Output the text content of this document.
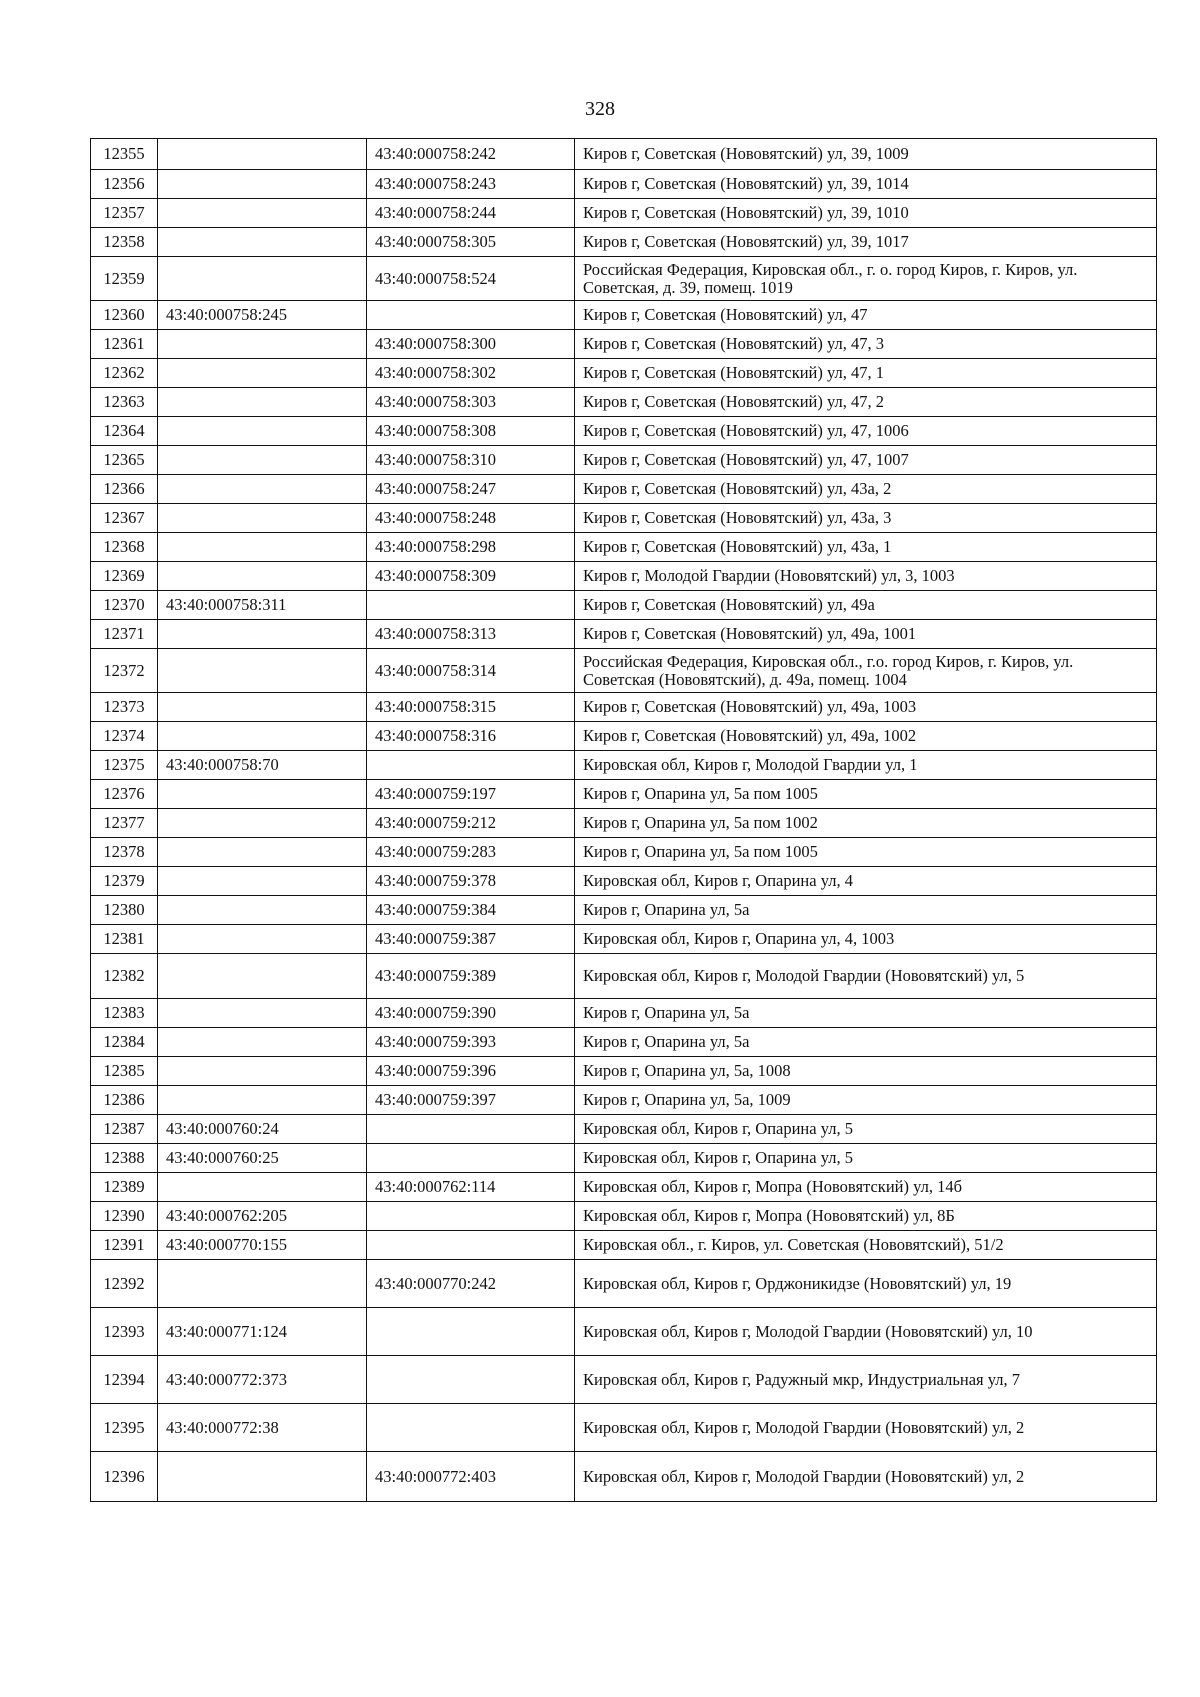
328
12355		43:40:000758:242	Киров г, Советская (Нововятский) ул, 39, 1009
12356		43:40:000758:243	Киров г, Советская (Нововятский) ул, 39, 1014
12357		43:40:000758:244	Киров г, Советская (Нововятский) ул, 39, 1010
12358		43:40:000758:305	Киров г, Советская (Нововятский) ул, 39, 1017
12359		43:40:000758:524	Российская Федерация, Кировская обл., г. о. город Киров, г. Киров, ул. Советская, д. 39, помещ. 1019
12360	43:40:000758:245		Киров г, Советская (Нововятский) ул, 47
12361		43:40:000758:300	Киров г, Советская (Нововятский) ул, 47, 3
12362		43:40:000758:302	Киров г, Советская (Нововятский) ул, 47, 1
12363		43:40:000758:303	Киров г, Советская (Нововятский) ул, 47, 2
12364		43:40:000758:308	Киров г, Советская (Нововятский) ул, 47, 1006
12365		43:40:000758:310	Киров г, Советская (Нововятский) ул, 47, 1007
12366		43:40:000758:247	Киров г, Советская (Нововятский) ул, 43а, 2
12367		43:40:000758:248	Киров г, Советская (Нововятский) ул, 43а, 3
12368		43:40:000758:298	Киров г, Советская (Нововятский) ул, 43а, 1
12369		43:40:000758:309	Киров г, Молодой Гвардии (Нововятский) ул, 3, 1003
12370	43:40:000758:311		Киров г, Советская (Нововятский) ул, 49а
12371		43:40:000758:313	Киров г, Советская (Нововятский) ул, 49а, 1001
12372		43:40:000758:314	Российская Федерация, Кировская обл., г.о. город Киров, г. Киров, ул. Советская (Нововятский), д. 49а, помещ. 1004
12373		43:40:000758:315	Киров г, Советская (Нововятский) ул, 49а, 1003
12374		43:40:000758:316	Киров г, Советская (Нововятский) ул, 49а, 1002
12375	43:40:000758:70		Кировская обл, Киров г, Молодой Гвардии ул, 1
12376		43:40:000759:197	Киров г, Опарина ул, 5а пом 1005
12377		43:40:000759:212	Киров г, Опарина ул, 5а пом 1002
12378		43:40:000759:283	Киров г, Опарина ул, 5а пом 1005
12379		43:40:000759:378	Кировская обл, Киров г, Опарина ул, 4
12380		43:40:000759:384	Киров г, Опарина ул, 5а
12381		43:40:000759:387	Кировская обл, Киров г, Опарина ул, 4, 1003
12382		43:40:000759:389	Кировская обл, Киров г, Молодой Гвардии (Нововятский) ул, 5
12383		43:40:000759:390	Киров г, Опарина ул, 5а
12384		43:40:000759:393	Киров г, Опарина ул, 5а
12385		43:40:000759:396	Киров г, Опарина ул, 5а, 1008
12386		43:40:000759:397	Киров г, Опарина ул, 5а, 1009
12387	43:40:000760:24		Кировская обл, Киров г, Опарина ул, 5
12388	43:40:000760:25		Кировская обл, Киров г, Опарина ул, 5
12389		43:40:000762:114	Кировская обл, Киров г, Мопра (Нововятский) ул, 14б
12390	43:40:000762:205		Кировская обл, Киров г, Мопра (Нововятский) ул, 8Б
12391	43:40:000770:155		Кировская обл., г. Киров, ул. Советская (Нововятский), 51/2
12392		43:40:000770:242	Кировская обл, Киров г, Орджоникидзе (Нововятский) ул, 19
12393	43:40:000771:124		Кировская обл, Киров г, Молодой Гвардии (Нововятский) ул, 10
12394	43:40:000772:373		Кировская обл, Киров г, Радужный мкр, Индустриальная ул, 7
12395	43:40:000772:38		Кировская обл, Киров г, Молодой Гвардии (Нововятский) ул, 2
12396		43:40:000772:403	Кировская обл, Киров г, Молодой Гвардии (Нововятский) ул, 2
